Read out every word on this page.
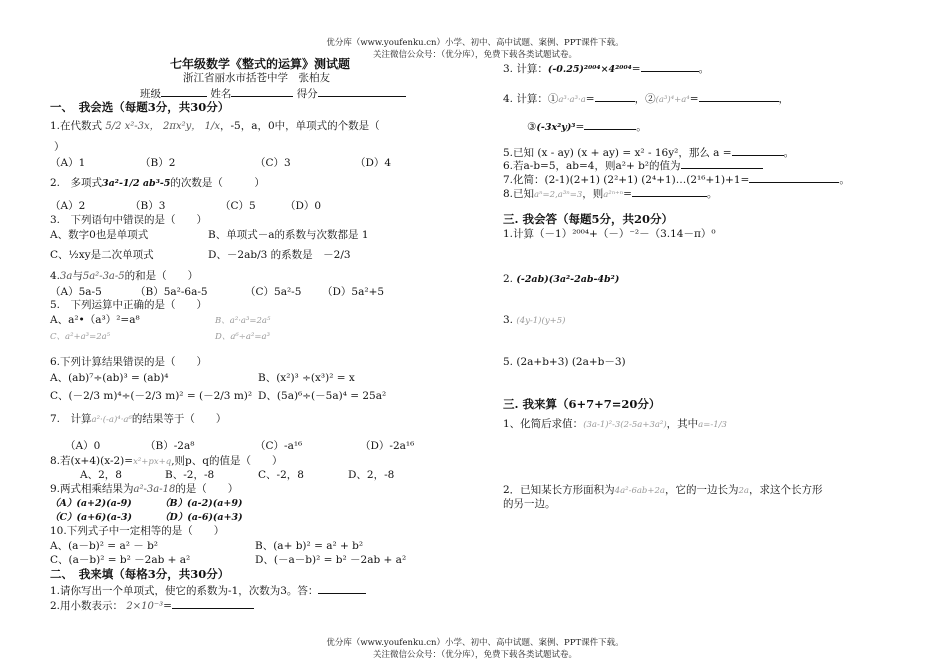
优分库（www.youfenku.cn）小学、初中、高中试题、案例、PPT课件下载。
关注微信公众号：（优分库），免费下载各类试题试卷。
七年级数学《整式的运算》测试题
浙江省丽水市括苍中学　张柏友
班级	姓名	得分
一、　我会选（每题3分，共30分）
1.在代数式 5/2 x²-3x， 2πx²y， 1/x，-5，a，0中，单项式的个数是（
）
（A）1	（B）2	（C）3	（D）4
2.　多项式3a²-1/2 ab³-5的次数是（　　　）
（A）2	（B）3	（C）5	（D）0
3.　下列语句中错误的是（　　）
A、数字0也是单项式	B、单项式－a的系数与次数都是 1
C、½xy是二次单项式	D、－2ab/3 的系数是　－2/3
4.3a与5a²-3a-5的和是（　　）
（A）5a-5	（B）5a²-6a-5	（C）5a²-5 （D）5a²+5
5.　下列运算中正确的是（　　）
A、a²•（a³）²=a⁸	B、a²·a³=2a⁵
C、a²+a³=2a⁵	D、a⁶÷a²=a³
6.下列计算结果错误的是（　　）
A、(ab)⁷÷(ab)³ = (ab)⁴	B、(x²)³ ÷(x³)² = x
C、(－2/3 m)⁴÷(－2/3 m)² = (－2/3 m)² D、(5a)⁶÷(－5a)⁴ = 25a²
7.　计算a²·(-a)⁴·a⁶的结果等于（　　）
（A）0	（B）-2a⁸	（C）-a¹⁶	（D）-2a¹⁶
8.若(x+4)(x-2)=x²+px+q,则p、q的值是（　　）
A、2，8	B、-2，-8	C、-2，8	D、2，-8
9.两式相乘结果为a²-3a-18的是（　　）
（A）(a+2)(a-9)	（B）(a-2)(a+9)
（C）(a+6)(a-3)	（D）(a-6)(a+3)
10.下列式子中一定相等的是（　　）
A、(a－b)² = a² － b²	B、(a+ b)² = a² + b²
C、(a－b)² = b² －2ab + a²	D、(－a－b)² = b² －2ab + a²
二、　我来填（每格3分，共30分）
1.请你写出一个单项式，使它的系数为-1，次数为3。答：
2.用小数表示： 2×10⁻³=
3. 计算：(-0.25)²⁰⁰⁴×4²⁰⁰⁴=	。
4. 计算：①a³·a³·a=	，②(a³)⁴+a⁴=	，
③(-3x²y)³=	。
5.已知 (x - ay) (x + ay) = x² - 16y²，那么 a =	。
6.若a-b=5，ab=4，则a²+ b²的值为
7.化简：(2-1)(2+1) (2²+1) (2⁴+1)…(2¹⁶+1)+1=	。
8.已知aⁿ=2,a³ⁿ=3，则a²ⁿ⁺ⁿ=	。
三. 我会答（每题5分，共20分）
1.计算（－1）²⁰⁰⁴+（－）⁻²－（3.14－π）⁰
2. (-2ab)(3a²-2ab-4b²)
3. (4y-1)(y+5)
5. (2a+b+3) (2a+b－3)
三. 我来算（6+7+7=20分）
1、化简后求值：(3a-1)²-3(2-5a+3a²)，其中a=-1/3
2．已知某长方形面积为4a²-6ab+2a，它的一边长为2a，求这个长方形
的另一边。
优分库（www.youfenku.cn）小学、初中、高中试题、案例、PPT课件下载。
关注微信公众号：（优分库），免费下载各类试题试卷。
